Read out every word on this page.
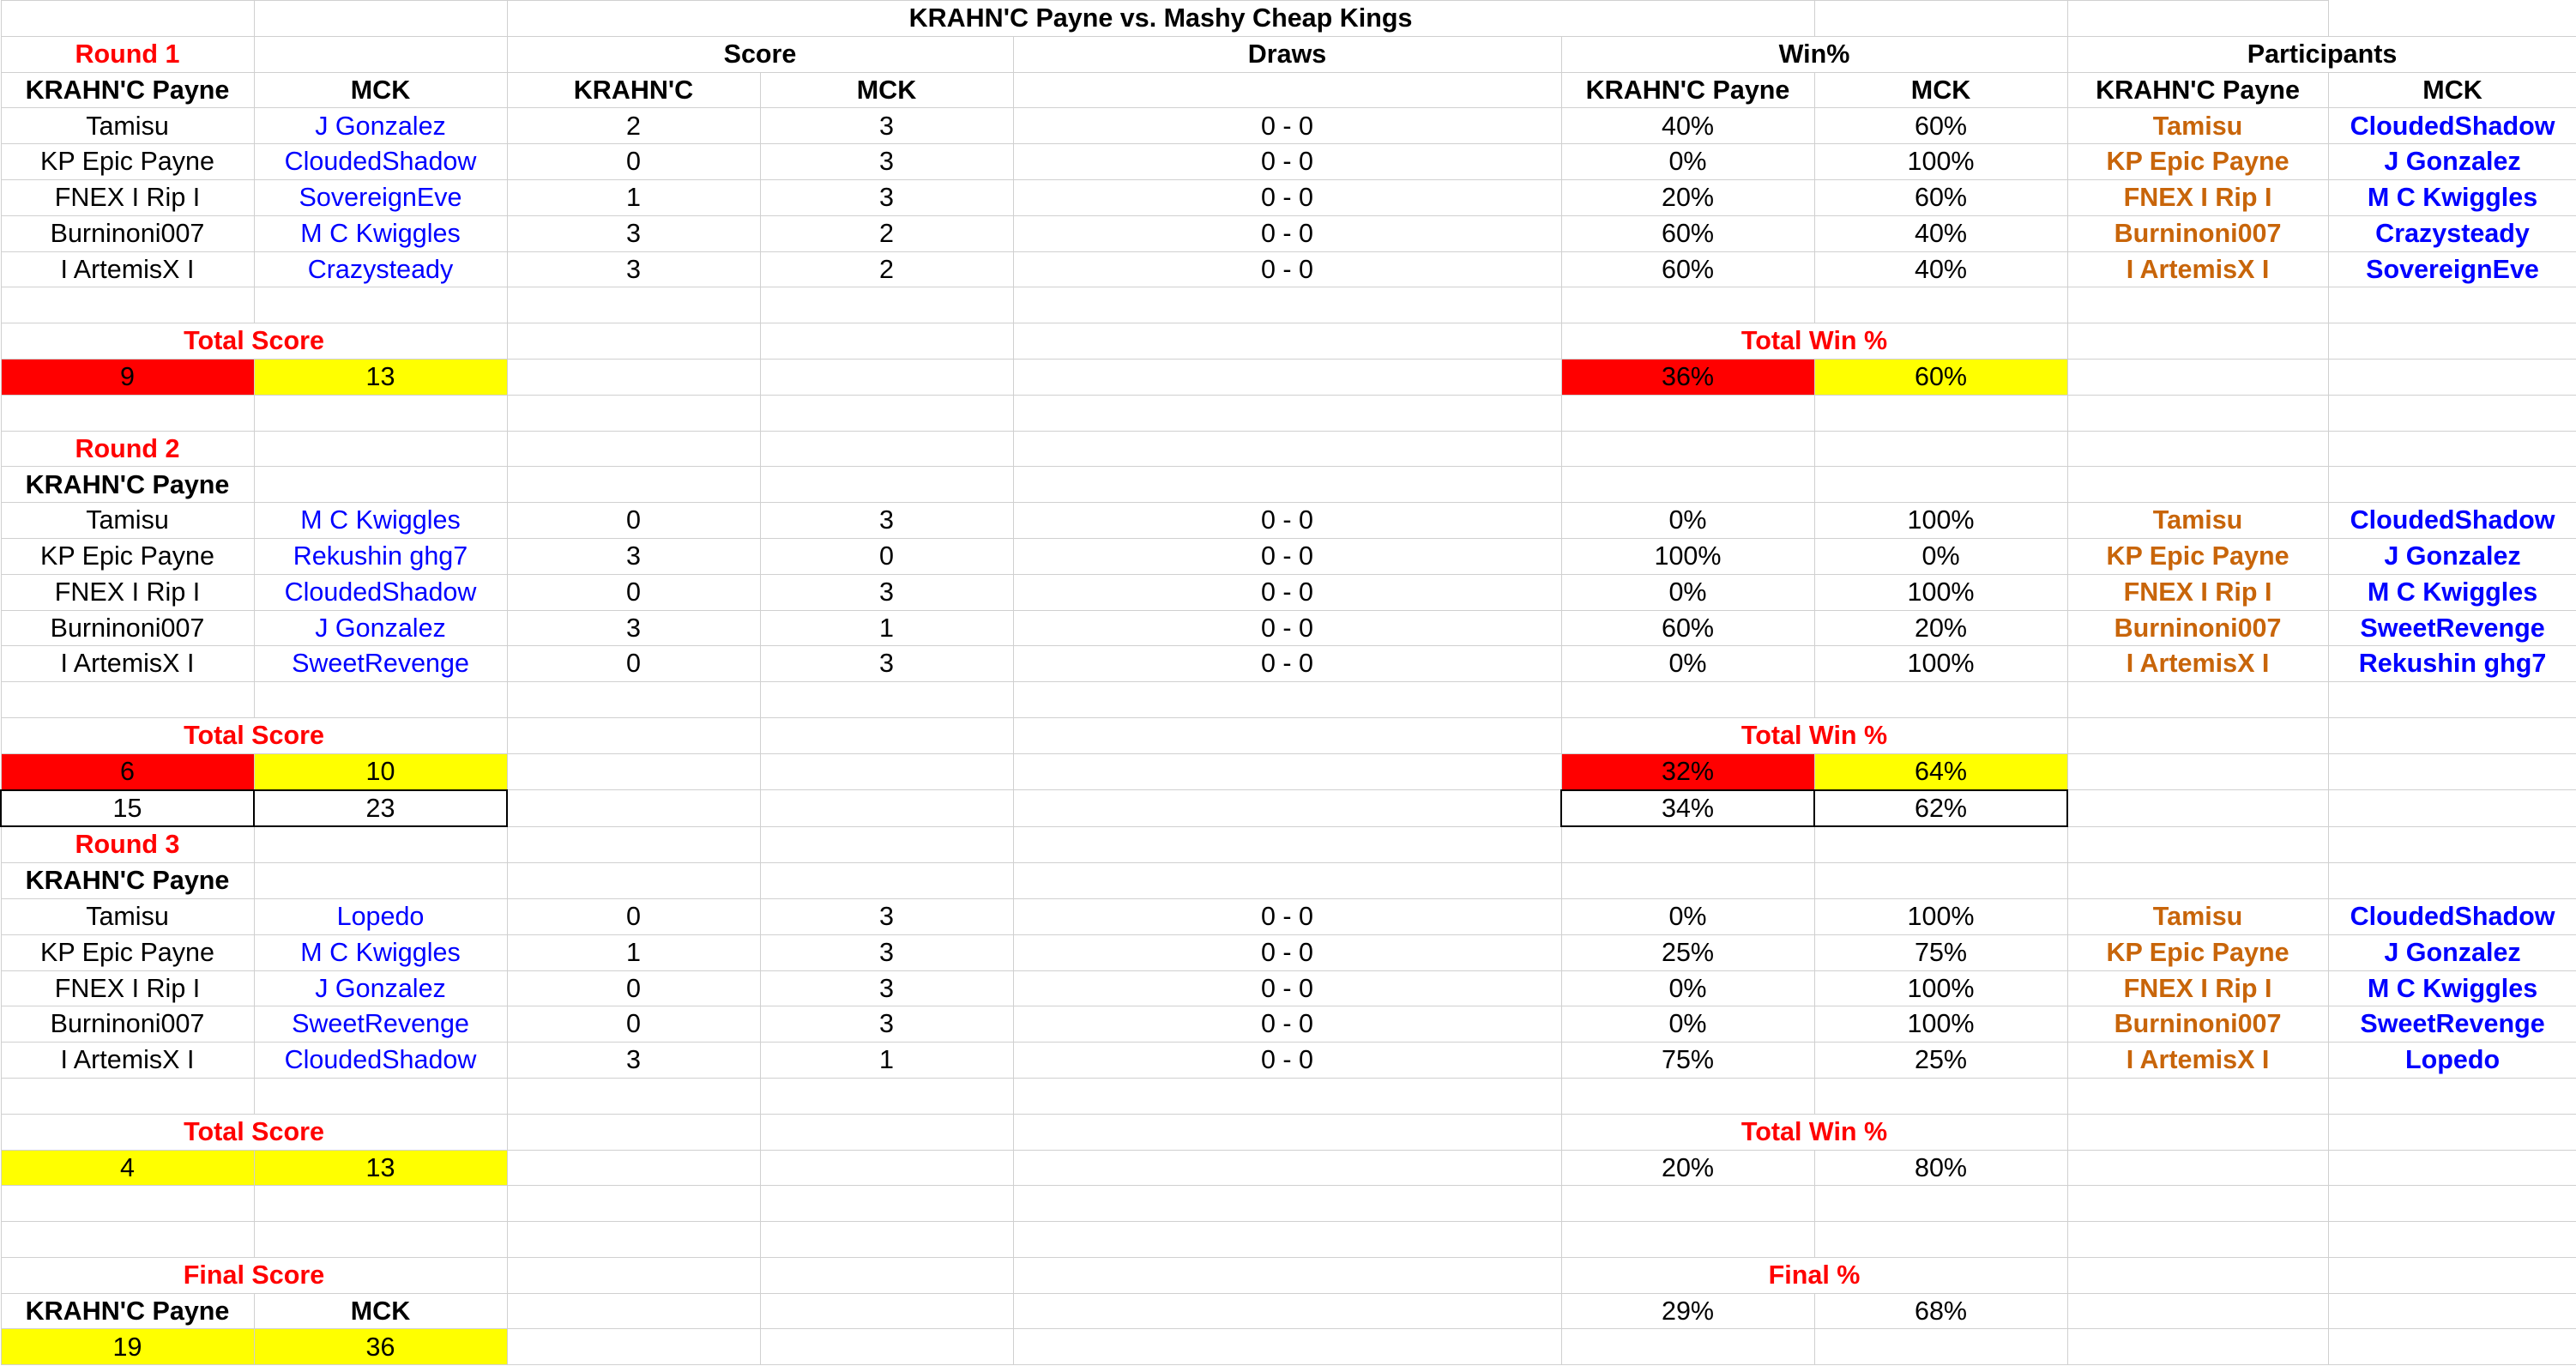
		KRAHN'C Payne vs. Mashy Cheap Kings						
Round 1		Score		Draws	Win%		Participants	
KRAHN'C Payne	MCK	KRAHN'C	MCK		KRAHN'C Payne	MCK	KRAHN'C Payne	MCK
Tamisu	J Gonzalez	2	3	0 - 0	40%	60%	Tamisu	CloudedShadow
KP Epic Payne	CloudedShadow	0	3	0 - 0	0%	100%	KP Epic Payne	J Gonzalez
FNEX I Rip I	SovereignEve	1	3	0 - 0	20%	60%	FNEX I Rip I	M C Kwiggles
Burninoni007	M C Kwiggles	3	2	0 - 0	60%	40%	Burninoni007	Crazysteady
I ArtemisX I	Crazysteady	3	2	0 - 0	60%	40%	I ArtemisX I	SovereignEve

Total Score					Total Win %			
9	13				36%	60%		

Round 2								
KRAHN'C Payne								
Tamisu	M C Kwiggles	0	3	0 - 0	0%	100%	Tamisu	CloudedShadow
KP Epic Payne	Rekushin ghg7	3	0	0 - 0	100%	0%	KP Epic Payne	J Gonzalez
FNEX I Rip I	CloudedShadow	0	3	0 - 0	0%	100%	FNEX I Rip I	M C Kwiggles
Burninoni007	J Gonzalez	3	1	0 - 0	60%	20%	Burninoni007	SweetRevenge
I ArtemisX I	SweetRevenge	0	3	0 - 0	0%	100%	I ArtemisX I	Rekushin ghg7

Total Score					Total Win %			
6	10				32%	64%		
15	23				34%	62%		
Round 3								
KRAHN'C Payne								
Tamisu	Lopedo	0	3	0 - 0	0%	100%	Tamisu	CloudedShadow
KP Epic Payne	M C Kwiggles	1	3	0 - 0	25%	75%	KP Epic Payne	J Gonzalez
FNEX I Rip I	J Gonzalez	0	3	0 - 0	0%	100%	FNEX I Rip I	M C Kwiggles
Burninoni007	SweetRevenge	0	3	0 - 0	0%	100%	Burninoni007	SweetRevenge
I ArtemisX I	CloudedShadow	3	1	0 - 0	75%	25%	I ArtemisX I	Lopedo

Total Score					Total Win %			
4	13				20%	80%		

Final Score					Final %			
KRAHN'C Payne	MCK				29%	68%		
19	36							
